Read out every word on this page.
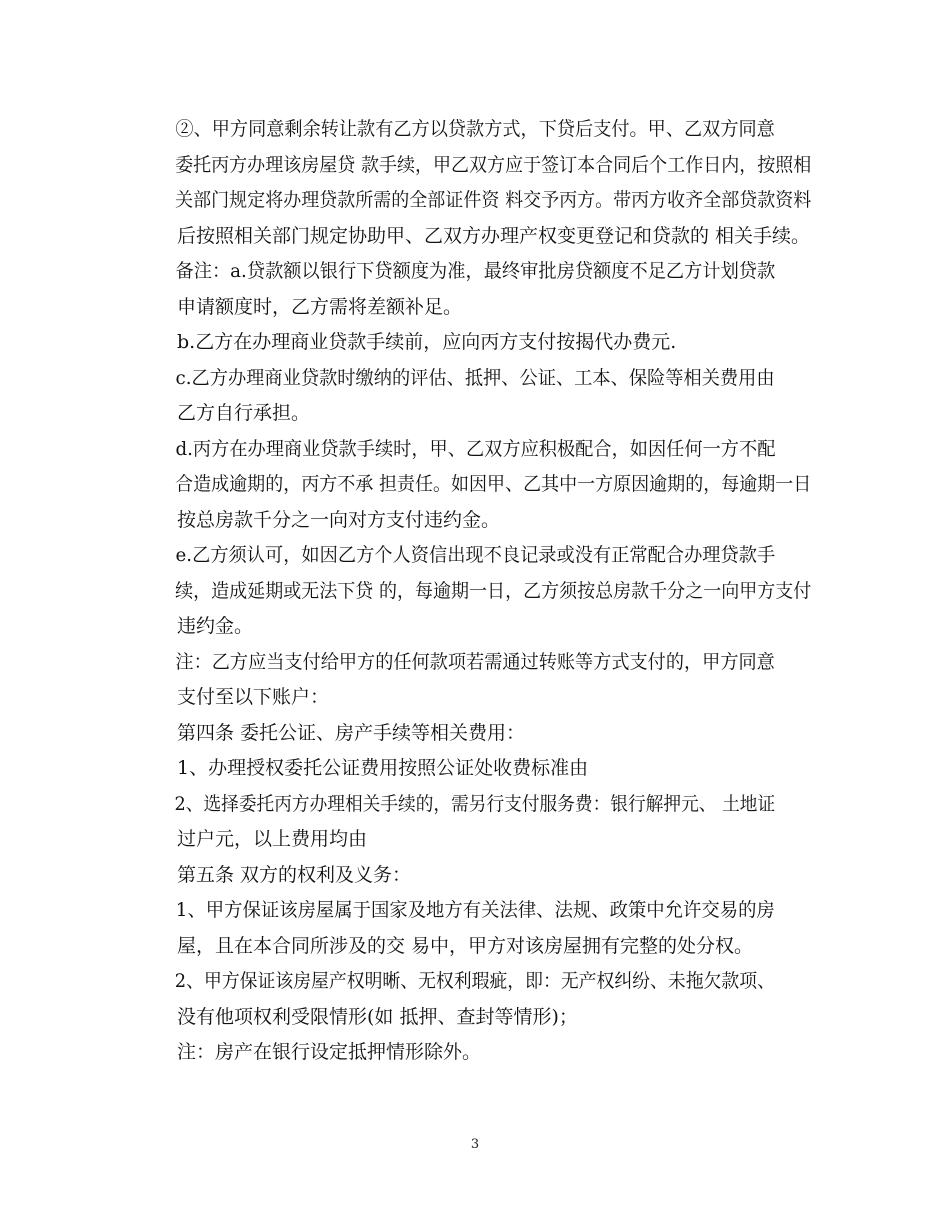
②、甲方同意剩余转让款有乙方以贷款方式，下贷后支付。甲、乙双方同意
委托丙方办理该房屋贷 款手续，甲乙双方应于签订本合同后个工作日内，按照相
关部门规定将办理贷款所需的全部证件资 料交予丙方。带丙方收齐全部贷款资料
后按照相关部门规定协助甲、乙双方办理产权变更登记和贷款的 相关手续。

备注：a.贷款额以银行下贷额度为准，最终审批房贷额度不足乙方计划贷款
申请额度时，乙方需将差额补足。

b.乙方在办理商业贷款手续前，应向丙方支付按揭代办费元.

c.乙方办理商业贷款时缴纳的评估、抵押、公证、工本、保险等相关费用由
乙方自行承担。

d.丙方在办理商业贷款手续时，甲、乙双方应积极配合，如因任何一方不配
合造成逾期的，丙方不承 担责任。如因甲、乙其中一方原因逾期的，每逾期一日
按总房款千分之一向对方支付违约金。

e.乙方须认可，如因乙方个人资信出现不良记录或没有正常配合办理贷款手
续，造成延期或无法下贷 的，每逾期一日，乙方须按总房款千分之一向甲方支付
违约金。

注：乙方应当支付给甲方的任何款项若需通过转账等方式支付的，甲方同意
支付至以下账户：

第四条 委托公证、房产手续等相关费用：

1、办理授权委托公证费用按照公证处收费标准由

2、选择委托丙方办理相关手续的，需另行支付服务费：银行解押元、 土地证
过户元，以上费用均由

第五条 双方的权利及义务：

1、甲方保证该房屋属于国家及地方有关法律、法规、政策中允许交易的房
屋，且在本合同所涉及的交 易中，甲方对该房屋拥有完整的处分权。

2、甲方保证该房屋产权明晰、无权利瑕疵，即：无产权纠纷、未拖欠款项、
没有他项权利受限情形(如 抵押、查封等情形)；

注：房产在银行设定抵押情形除外。

3
